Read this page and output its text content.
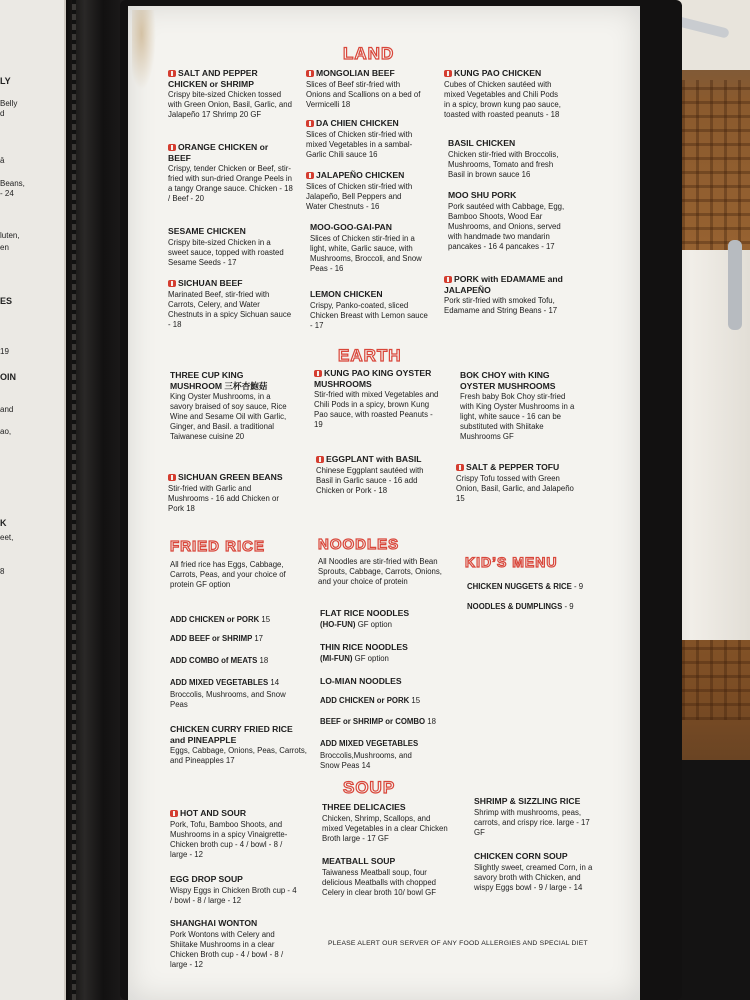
LY
Belly
d
ā
Beans,
- 24
luten,
en
ES
19
OIN
and
ao,
K
eet,
8
LAND
SALT AND PEPPER CHICKEN or SHRIMP
Crispy bite-sized Chicken tossed with Green Onion, Basil, Garlic, and Jalapeño 17 Shrimp 20 GF
ORANGE CHICKEN or BEEF
Crispy, tender Chicken or Beef, stir-fried with sun-dried Orange Peels in a tangy Orange sauce. Chicken - 18 / Beef - 20
SESAME CHICKEN
Crispy bite-sized Chicken in a sweet sauce, topped with roasted Sesame Seeds - 17
SICHUAN BEEF
Marinated Beef, stir-fried with Carrots, Celery, and Water Chestnuts in a spicy Sichuan sauce - 18
MONGOLIAN BEEF
Slices of Beef stir-fried with Onions and Scallions on a bed of Vermicelli 18
DA CHIEN CHICKEN
Slices of Chicken stir-fried with mixed Vegetables in a sambal- Garlic Chili sauce 16
JALAPEÑO CHICKEN
Slices of Chicken stir-fried with Jalapeño, Bell Peppers and Water Chestnuts - 16
MOO-GOO-GAI-PAN
Slices of Chicken stir-fried in a light, white, Garlic sauce, with Mushrooms, Broccoli, and Snow Peas - 16
LEMON CHICKEN
Crispy, Panko-coated, sliced Chicken Breast with Lemon sauce - 17
KUNG PAO CHICKEN
Cubes of Chicken sautéed with mixed Vegetables and Chili Pods in a spicy, brown kung pao sauce, toasted with roasted peanuts - 18
BASIL CHICKEN
Chicken stir-fried with Broccolis, Mushrooms, Tomato and fresh Basil in brown sauce 16
MOO SHU PORK
Pork sautéed with Cabbage, Egg, Bamboo Shoots, Wood Ear Mushrooms, and Onions, served with handmade two mandarin pancakes - 16 4 pancakes - 17
PORK with EDAMAME and JALAPEÑO
Pork stir-fried with smoked Tofu, Edamame and String Beans - 17
EARTH
THREE CUP KING MUSHROOM 三杯杏鮑菇
King Oyster Mushrooms, in a savory braised of soy sauce, Rice Wine and Sesame Oil with Garlic, Ginger, and Basil. a traditional Taiwanese cuisine 20
SICHUAN GREEN BEANS
Stir-fried with Garlic and Mushrooms - 16 add Chicken or Pork 18
KUNG PAO KING OYSTER MUSHROOMS
Stir-fried with mixed Vegetables and Chili Pods in a spicy, brown Kung Pao sauce, with roasted Peanuts - 19
EGGPLANT with BASIL
Chinese Eggplant sautéed with Basil in Garlic sauce - 16 add Chicken or Pork - 18
BOK CHOY with KING OYSTER MUSHROOMS
Fresh baby Bok Choy stir-fried with King Oyster Mushrooms in a light, white sauce - 16 can be substituted with Shiitake Mushrooms GF
SALT & PEPPER TOFU
Crispy Tofu tossed with Green Onion, Basil, Garlic, and Jalapeño 15
FRIED RICE
All fried rice has Eggs, Cabbage, Carrots, Peas, and your choice of protein GF option
ADD CHICKEN or PORK 15
ADD BEEF or SHRIMP 17
ADD COMBO of MEATS 18
ADD MIXED VEGETABLES 14
Broccolis, Mushrooms, and Snow Peas
CHICKEN CURRY FRIED RICE and PINEAPPLE
Eggs, Cabbage, Onions, Peas, Carrots, and Pineapples 17
NOODLES
All Noodles are stir-fried with Bean Sprouts, Cabbage, Carrots, Onions, and your choice of protein
FLAT RICE NOODLES
(HO-FUN) GF option
THIN RICE NOODLES
(MI-FUN) GF option
LO-MIAN NOODLES
ADD CHICKEN or PORK 15
BEEF or SHRIMP or COMBO 18
ADD MIXED VEGETABLES
Broccolis,Mushrooms, and Snow Peas 14
KID’S MENU
CHICKEN NUGGETS & RICE - 9
NOODLES & DUMPLINGS - 9
SOUP
HOT AND SOUR
Pork, Tofu, Bamboo Shoots, and Mushrooms in a spicy Vinaigrette-Chicken broth cup - 4 / bowl - 8 / large - 12
EGG DROP SOUP
Wispy Eggs in Chicken Broth cup - 4 / bowl - 8 / large - 12
SHANGHAI WONTON
Pork Wontons with Celery and Shiitake Mushrooms in a clear Chicken Broth cup - 4 / bowl - 8 / large - 12
THREE DELICACIES
Chicken, Shrimp, Scallops, and mixed Vegetables in a clear Chicken Broth large - 17 GF
MEATBALL SOUP
Taiwaness Meatball soup, four delicious Meatballs with chopped Celery in clear broth 10/ bowl GF
SHRIMP & SIZZLING RICE
Shrimp with mushrooms, peas, carrots, and crispy rice. large - 17 GF
CHICKEN CORN SOUP
Slightly sweet, creamed Corn, in a savory broth with Chicken, and wispy Eggs bowl - 9 / large - 14
PLEASE ALERT OUR SERVER OF ANY FOOD ALLERGIES AND SPECIAL DIET
